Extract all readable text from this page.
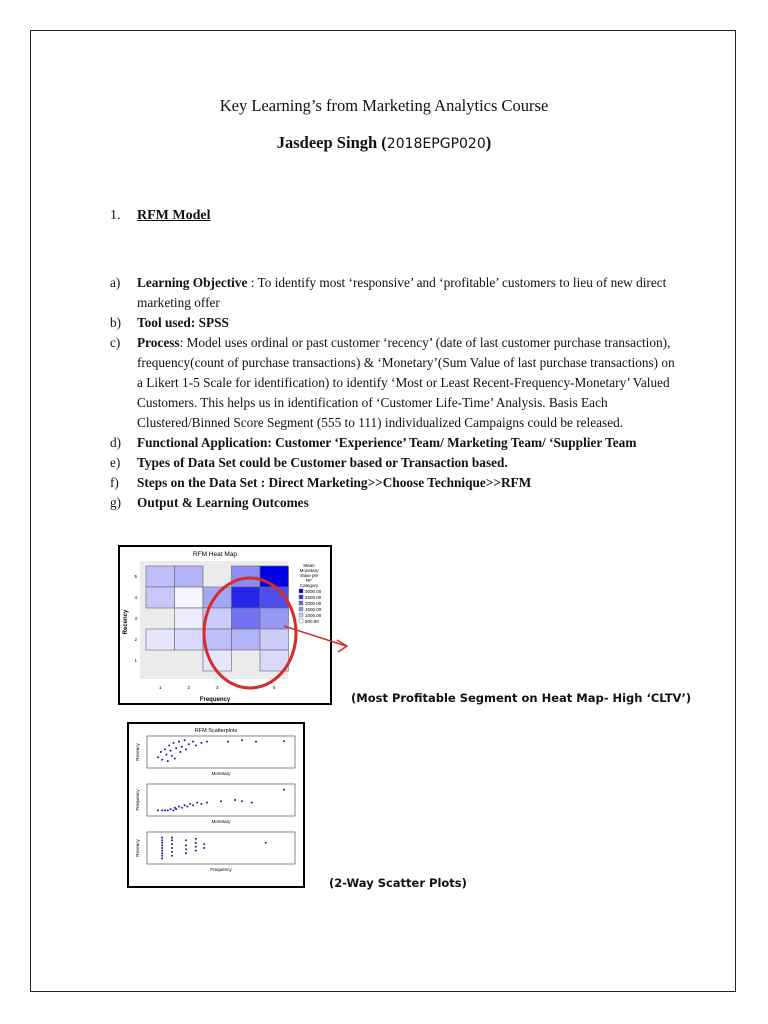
Key Learning’s from Marketing Analytics Course
Jasdeep Singh (2018EPGP020)
1. RFM Model
a) Learning Objective : To identify most ‘responsive’ and ‘profitable’ customers to lieu of new direct marketing offer
b) Tool used: SPSS
c) Process: Model uses ordinal or past customer ‘recency’ (date of last customer purchase transaction), frequency(count of purchase transactions) & ‘Monetary’(Sum Value of last purchase transactions) on a Likert 1-5 Scale for identification) to identify ‘Most or Least Recent-Frequency-Monetary’ Valued Customers. This helps us in identification of ‘Customer Life-Time’ Analysis. Basis Each Clustered/Binned Score Segment (555 to 111) individualized Campaigns could be released.
d) Functional Application: Customer ‘Experience’ Team/ Marketing Team/ ‘Supplier Team
e) Types of Data Set could be Customer based or Transaction based.
f) Steps on the Data Set : Direct Marketing>>Choose Technique>>RFM
g) Output & Learning Outcomes
RFM Heat Map
1	2	3	4	5
1
2
3
4
5
Frequency
Recency
Mean
Monetary
Value per
RF
Category
3000.00
2500.00
2000.00
1500.00
1000.00
500.00
(Most Profitable Segment on Heat Map- High ‘CLTV’)
RFM Scatterplots
Monetary
Recency
Monetary
Frequency
Frequency
Recency
(2-Way Scatter Plots)
